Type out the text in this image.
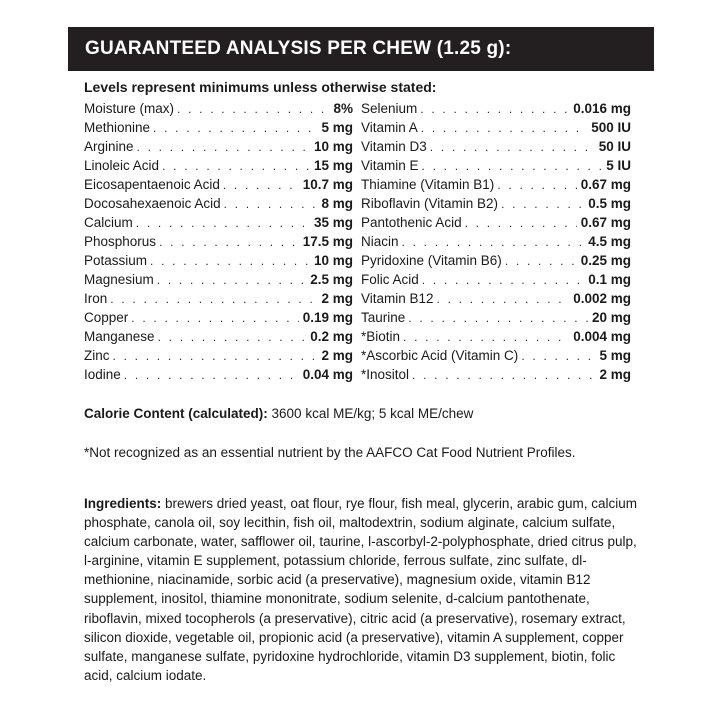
GUARANTEED ANALYSIS PER CHEW (1.25 g):
Levels represent minimums unless otherwise stated:
Moisture (max) . . .	8%
Methionine . . .	5 mg
Arginine . . .	10 mg
Linoleic Acid . . .	15 mg
Eicosapentaenoic Acid . . .	10.7 mg
Docosahexaenoic Acid . . .	8 mg
Calcium . . .	35 mg
Phosphorus . . .	17.5 mg
Potassium . . .	10 mg
Magnesium . . .	2.5 mg
Iron . . .	2 mg
Copper . . .	0.19 mg
Manganese . . .	0.2 mg
Zinc . . .	2 mg
Iodine . . .	0.04 mg
Selenium . . .	0.016 mg
Vitamin A . . .	500 IU
Vitamin D3 . . .	50 IU
Vitamin E . . .	5 IU
Thiamine (Vitamin B1) . . .	0.67 mg
Riboflavin (Vitamin B2) . . .	0.5 mg
Pantothenic Acid . . .	0.67 mg
Niacin . . .	4.5 mg
Pyridoxine (Vitamin B6) . . .	0.25 mg
Folic Acid . . .	0.1 mg
Vitamin B12 . . .	0.002 mg
Taurine . . .	20 mg
*Biotin . . .	0.004 mg
*Ascorbic Acid (Vitamin C) . . .	5 mg
*Inositol . . .	2 mg
Calorie Content (calculated): 3600 kcal ME/kg; 5 kcal ME/chew
*Not recognized as an essential nutrient by the AAFCO Cat Food Nutrient Profiles.
Ingredients: brewers dried yeast, oat flour, rye flour, fish meal, glycerin, arabic gum, calcium phosphate, canola oil, soy lecithin, fish oil, maltodextrin, sodium alginate, calcium sulfate, calcium carbonate, water, safflower oil, taurine, l-ascorbyl-2-polyphosphate, dried citrus pulp, l-arginine, vitamin E supplement, potassium chloride, ferrous sulfate, zinc sulfate, dl-methionine, niacinamide, sorbic acid (a preservative), magnesium oxide, vitamin B12 supplement, inositol, thiamine mononitrate, sodium selenite, d-calcium pantothenate, riboflavin, mixed tocopherols (a preservative), citric acid (a preservative), rosemary extract, silicon dioxide, vegetable oil, propionic acid (a preservative), vitamin A supplement, copper sulfate, manganese sulfate, pyridoxine hydrochloride, vitamin D3 supplement, biotin, folic acid, calcium iodate.
